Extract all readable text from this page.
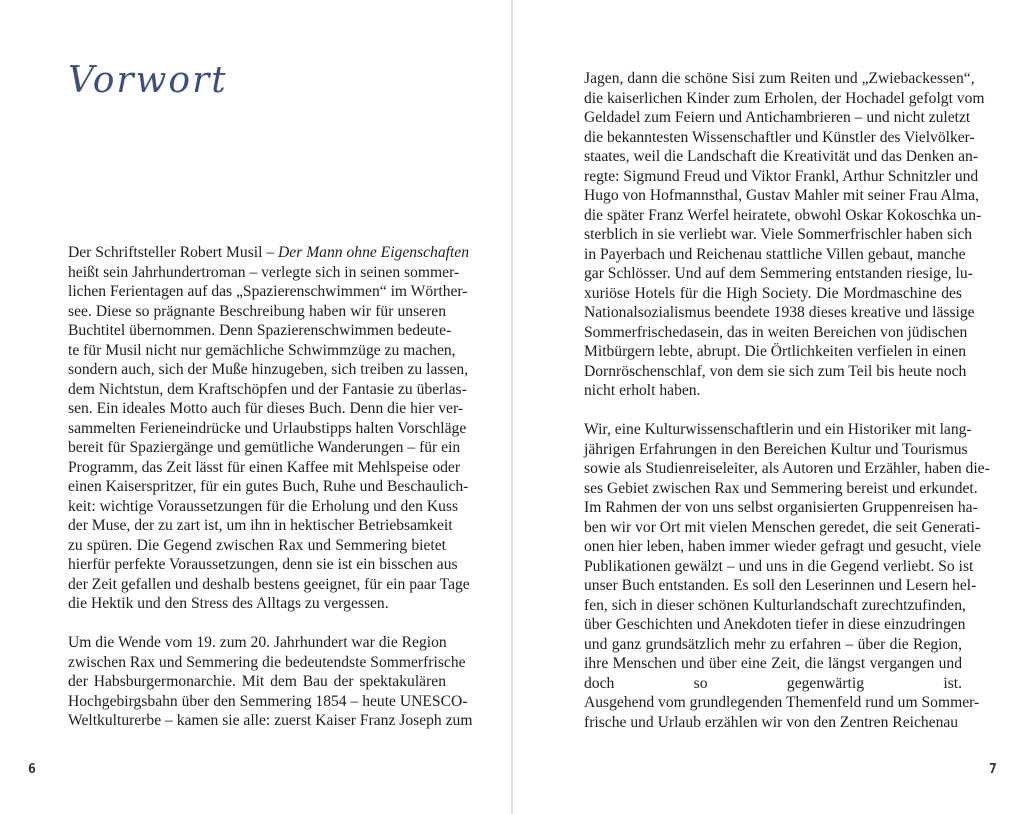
Vorwort
Der Schriftsteller Robert Musil – Der Mann ohne Eigenschaften
heißt sein Jahrhundertroman – verlegte sich in seinen sommer-
lichen Ferientagen auf das „Spazierenschwimmen“ im Wörther-
see. Diese so prägnante Beschreibung haben wir für unseren
Buchtitel übernommen. Denn Spazierenschwimmen bedeute-
te für Musil nicht nur gemächliche Schwimmzüge zu machen,
sondern auch, sich der Muße hinzugeben, sich treiben zu lassen,
dem Nichtstun, dem Kraftschöpfen und der Fantasie zu überlas-
sen. Ein ideales Motto auch für dieses Buch. Denn die hier ver-
sammelten Ferieneindrücke und Urlaubstipps halten Vorschläge
bereit für Spaziergänge und gemütliche Wanderungen – für ein
Programm, das Zeit lässt für einen Kaffee mit Mehlspeise oder
einen Kaiserspritzer, für ein gutes Buch, Ruhe und Beschaulich-
keit: wichtige Voraussetzungen für die Erholung und den Kuss
der Muse, der zu zart ist, um ihn in hektischer Betriebsamkeit
zu spüren. Die Gegend zwischen Rax und Semmering bietet
hierfür perfekte Voraussetzungen, denn sie ist ein bisschen aus
der Zeit gefallen und deshalb bestens geeignet, für ein paar Tage
die Hektik und den Stress des Alltags zu vergessen.
Um die Wende vom 19. zum 20. Jahrhundert war die Region
zwischen Rax und Semmering die bedeutendste Sommerfrische
der Habsburgermonarchie. Mit dem Bau der spektakulären
Hochgebirgsbahn über den Semmering 1854 – heute UNESCO-
Weltkulturerbe – kamen sie alle: zuerst Kaiser Franz Joseph zum
6
Jagen, dann die schöne Sisi zum Reiten und „Zwiebackessen“,
die kaiserlichen Kinder zum Erholen, der Hochadel gefolgt vom
Geldadel zum Feiern und Antichambrieren – und nicht zuletzt
die bekanntesten Wissenschaftler und Künstler des Vielvölker-
staates, weil die Landschaft die Kreativität und das Denken an-
regte: Sigmund Freud und Viktor Frankl, Arthur Schnitzler und
Hugo von Hofmannsthal, Gustav Mahler mit seiner Frau Alma,
die später Franz Werfel heiratete, obwohl Oskar Kokoschka un-
sterblich in sie verliebt war. Viele Sommerfrischler haben sich
in Payerbach und Reichenau stattliche Villen gebaut, manche
gar Schlösser. Und auf dem Semmering entstanden riesige, lu-
xuriöse Hotels für die High Society. Die Mordmaschine des
Nationalsozialismus beendete 1938 dieses kreative und lässige
Sommerfrischedasein, das in weiten Bereichen von jüdischen
Mitbürgern lebte, abrupt. Die Örtlichkeiten verfielen in einen
Dornröschenschlaf, von dem sie sich zum Teil bis heute noch
nicht erholt haben.
Wir, eine Kulturwissenschaftlerin und ein Historiker mit lang-
jährigen Erfahrungen in den Bereichen Kultur und Tourismus
sowie als Studienreiseleiter, als Autoren und Erzähler, haben die-
ses Gebiet zwischen Rax und Semmering bereist und erkundet.
Im Rahmen der von uns selbst organisierten Gruppenreisen ha-
ben wir vor Ort mit vielen Menschen geredet, die seit Generati-
onen hier leben, haben immer wieder gefragt und gesucht, viele
Publikationen gewälzt – und uns in die Gegend verliebt. So ist
unser Buch entstanden. Es soll den Leserinnen und Lesern hel-
fen, sich in dieser schönen Kulturlandschaft zurechtzufinden,
über Geschichten und Anekdoten tiefer in diese einzudringen
und ganz grundsätzlich mehr zu erfahren – über die Region,
ihre Menschen und über eine Zeit, die längst vergangen und
doch so gegenwärtig ist.
Ausgehend vom grundlegenden Themenfeld rund um Sommer-
frische und Urlaub erzählen wir von den Zentren Reichenau
7
